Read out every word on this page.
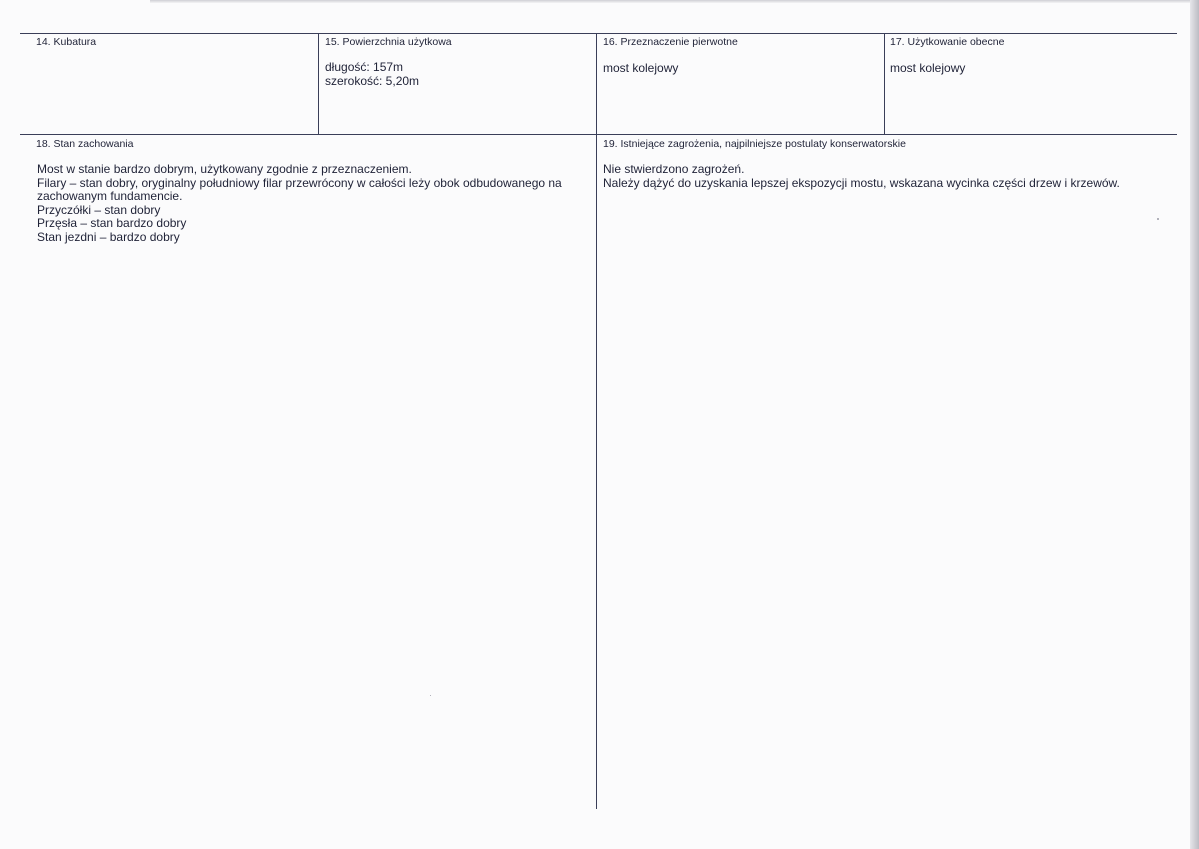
14. Kubatura	15. Powierzchnia użytkowa

długość: 157m

szerokość: 5,20m

16. Przeznaczenie pierwotne
most kolejowy
17. Użytkowanie obecne
most kolejowy
18. Stan zachowania

Most w stanie bardzo dobrym, użytkowany zgodnie z przeznaczeniem.

Filary – stan dobry, oryginalny południowy filar przewrócony w całości leży obok odbudowanego na zachowanym fundamencie.

Przyczółki – stan dobry

Przęsła – stan bardzo dobry

Stan jezdni – bardzo dobry

19. Istniejące zagrożenia, najpilniejsze postulaty konserwatorskie

Nie stwierdzono zagrożeń.

Należy dążyć do uzyskania lepszej ekspozycji mostu, wskazana wycinka części drzew i krzewów.
